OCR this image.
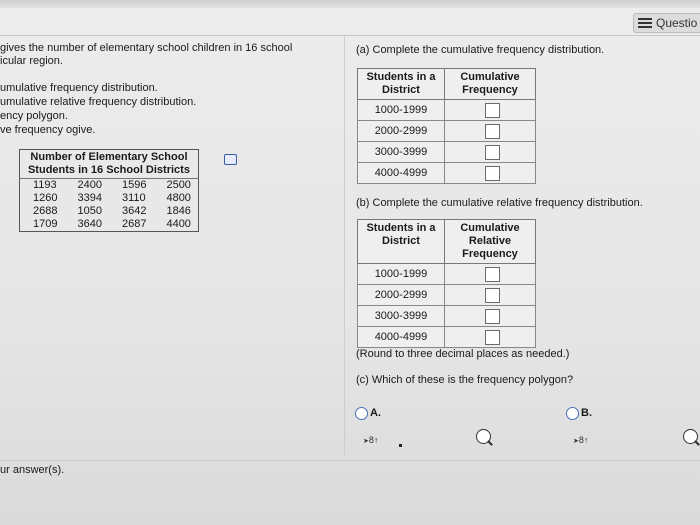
Questio
gives the number of elementary school children in 16 school
icular region.
umulative frequency distribution.
umulative relative frequency distribution.
ency polygon.
ve frequency ogive.
Number of Elementary School
Students in 16 School Districts			

1193	2400	1596	2500
1260	3394	3110	4800
2688	1050	3642	1846
1709	3640	2687	4400
ur answer(s).
(a) Complete the cumulative frequency distribution.
Students in a District	Cumulative Frequency
1000-1999	

2000-2999	

3000-3999	

4000-4999	
(b) Complete the cumulative relative frequency distribution.
Students in a District	Cumulative Relative Frequency
1000-1999	

2000-2999	

3000-3999	

4000-4999	
(Round to three decimal places as needed.)
(c) Which of these is the frequency polygon?
A.
➤8↑
B.
➤8↑
